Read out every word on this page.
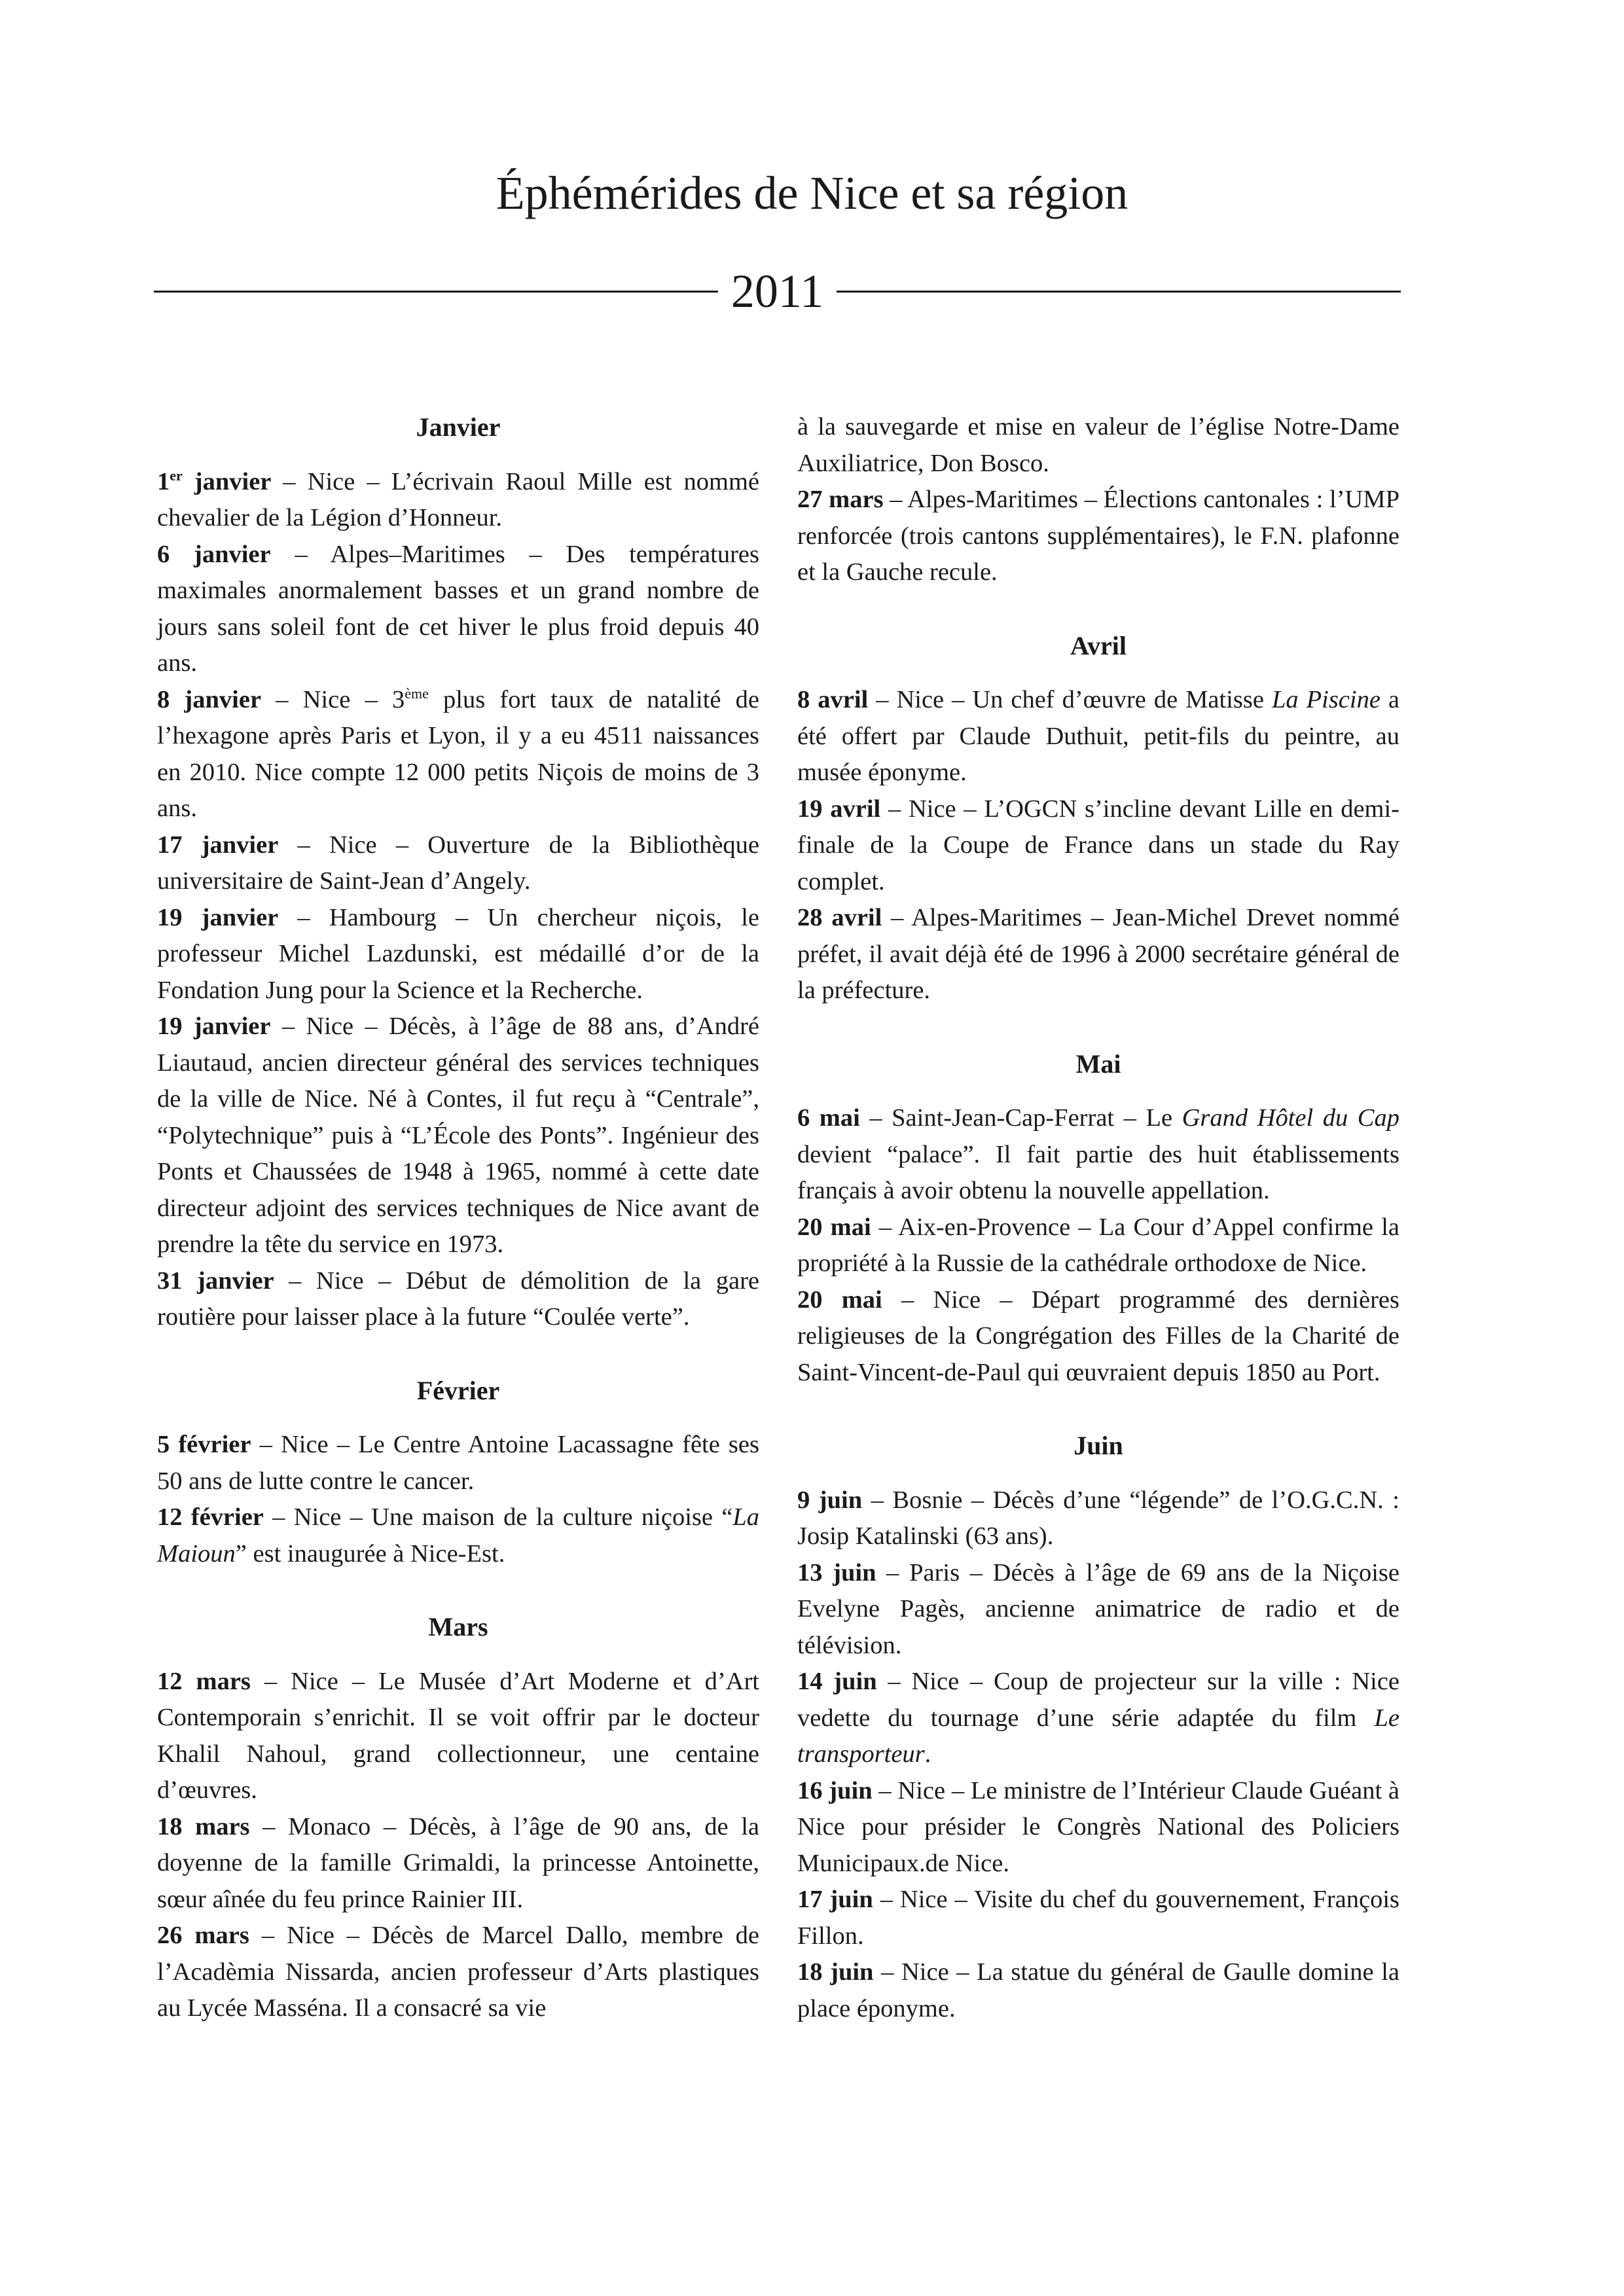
Éphémérides de Nice et sa région
2011
Janvier

1er janvier – Nice – L’écrivain Raoul Mille est nommé chevalier de la Légion d’Honneur.

6 janvier – Alpes–Maritimes – Des températures maximales anormalement basses et un grand nombre de jours sans soleil font de cet hiver le plus froid depuis 40 ans.

8 janvier – Nice – 3ème plus fort taux de natalité de l’hexagone après Paris et Lyon, il y a eu 4511 naissances en 2010. Nice compte 12 000 petits Niçois de moins de 3 ans.

17 janvier – Nice – Ouverture de la Bibliothèque universitaire de Saint-Jean d’Angely.

19 janvier – Hambourg – Un chercheur niçois, le professeur Michel Lazdunski, est médaillé d’or de la Fondation Jung pour la Science et la Recherche.

19 janvier – Nice – Décès, à l’âge de 88 ans, d’André Liautaud, ancien directeur général des services techniques de la ville de Nice. Né à Contes, il fut reçu à “Centrale”, “Polytechnique” puis à “L’École des Ponts”. Ingénieur des Ponts et Chaussées de 1948 à 1965, nommé à cette date directeur adjoint des services techniques de Nice avant de prendre la tête du service en 1973.

31 janvier – Nice – Début de démolition de la gare routière pour laisser place à la future “Coulée verte”.

Février

5 février – Nice – Le Centre Antoine Lacassagne fête ses 50 ans de lutte contre le cancer.

12 février – Nice – Une maison de la culture niçoise “La Maioun” est inaugurée à Nice-Est.

Mars

12 mars – Nice – Le Musée d’Art Moderne et d’Art Contemporain s’enrichit. Il se voit offrir par le docteur Khalil Nahoul, grand collectionneur, une centaine d’œuvres.

18 mars – Monaco – Décès, à l’âge de 90 ans, de la doyenne de la famille Grimaldi, la princesse Antoinette, sœur aînée du feu prince Rainier III.

26 mars – Nice – Décès de Marcel Dallo, membre de l’Acadèmia Nissarda, ancien professeur d’Arts plastiques au Lycée Masséna. Il a consacré sa vie

à la sauvegarde et mise en valeur de l’église Notre-Dame Auxiliatrice, Don Bosco.

27 mars – Alpes-Maritimes – Élections cantonales : l’UMP renforcée (trois cantons supplémentaires), le F.N. plafonne et la Gauche recule.

Avril

8 avril – Nice – Un chef d’œuvre de Matisse La Piscine a été offert par Claude Duthuit, petit-fils du peintre, au musée éponyme.

19 avril – Nice – L’OGCN s’incline devant Lille en demi-finale de la Coupe de France dans un stade du Ray complet.

28 avril – Alpes-Maritimes – Jean-Michel Drevet nommé préfet, il avait déjà été de 1996 à 2000 secrétaire général de la préfecture.

Mai

6 mai – Saint-Jean-Cap-Ferrat – Le Grand Hôtel du Cap devient “palace”. Il fait partie des huit établissements français à avoir obtenu la nouvelle appellation.

20 mai – Aix-en-Provence – La Cour d’Appel confirme la propriété à la Russie de la cathédrale orthodoxe de Nice.

20 mai – Nice – Départ programmé des dernières religieuses de la Congrégation des Filles de la Charité de Saint-Vincent-de-Paul qui œuvraient depuis 1850 au Port.

Juin

9 juin – Bosnie – Décès d’une “légende” de l’O.G.C.N. : Josip Katalinski (63 ans).

13 juin – Paris – Décès à l’âge de 69 ans de la Niçoise Evelyne Pagès, ancienne animatrice de radio et de télévision.

14 juin – Nice – Coup de projecteur sur la ville : Nice vedette du tournage d’une série adaptée du film Le transporteur.

16 juin – Nice – Le ministre de l’Intérieur Claude Guéant à Nice pour présider le Congrès National des Policiers Municipaux.de Nice.

17 juin – Nice – Visite du chef du gouvernement, François Fillon.

18 juin – Nice – La statue du général de Gaulle domine la place éponyme.
